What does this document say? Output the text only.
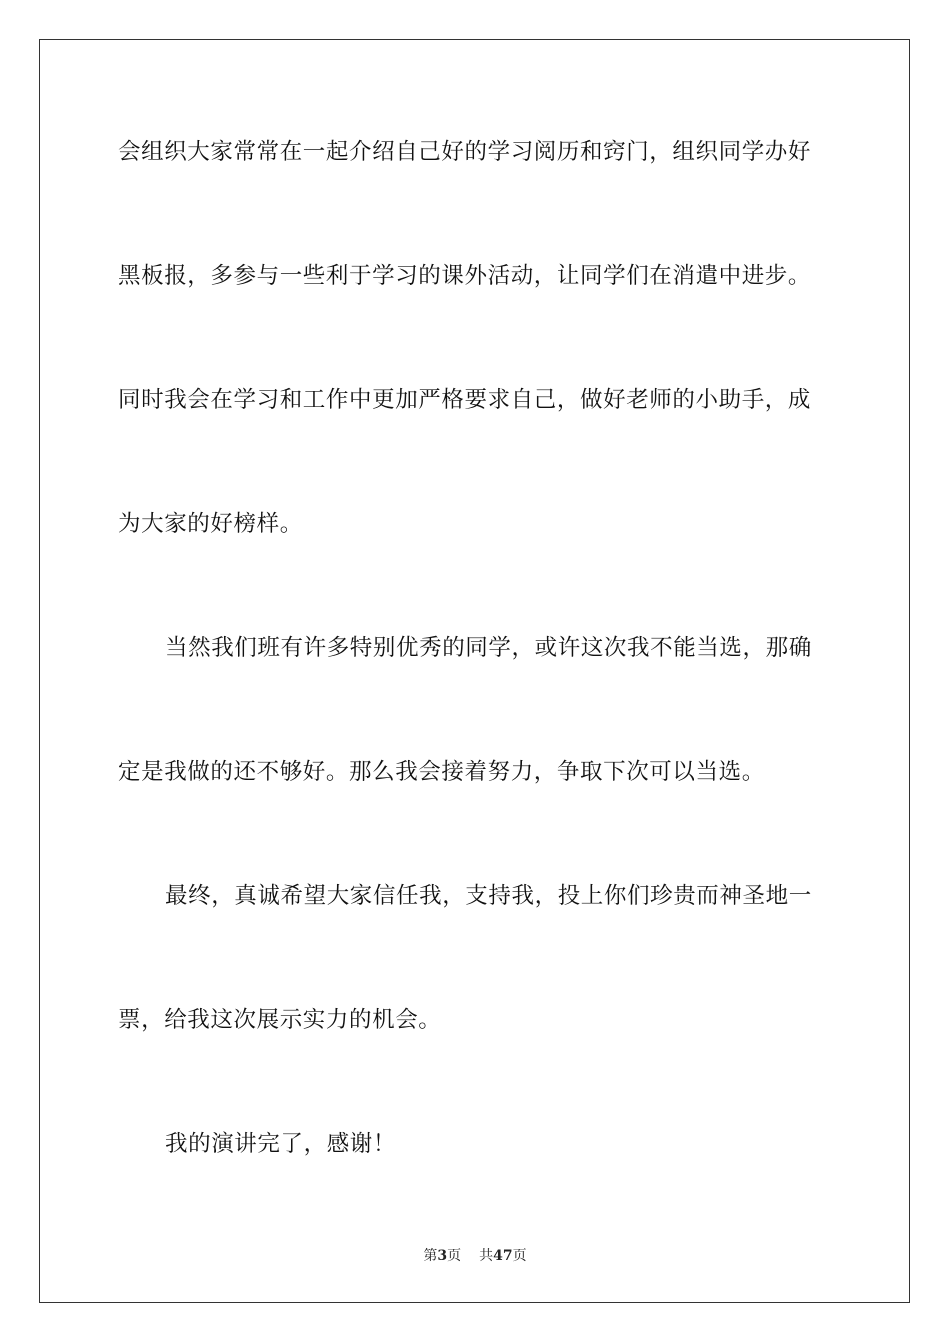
会组织大家常常在一起介绍自己好的学习阅历和窍门，组织同学办好
黑板报，多参与一些利于学习的课外活动，让同学们在消遣中进步。
同时我会在学习和工作中更加严格要求自己，做好老师的小助手，成
为大家的好榜样。
当然我们班有许多特别优秀的同学，或许这次我不能当选，那确
定是我做的还不够好。那么我会接着努力，争取下次可以当选。
最终，真诚希望大家信任我，支持我，投上你们珍贵而神圣地一
票，给我这次展示实力的机会。
我的演讲完了，感谢！
第3页 共47页
